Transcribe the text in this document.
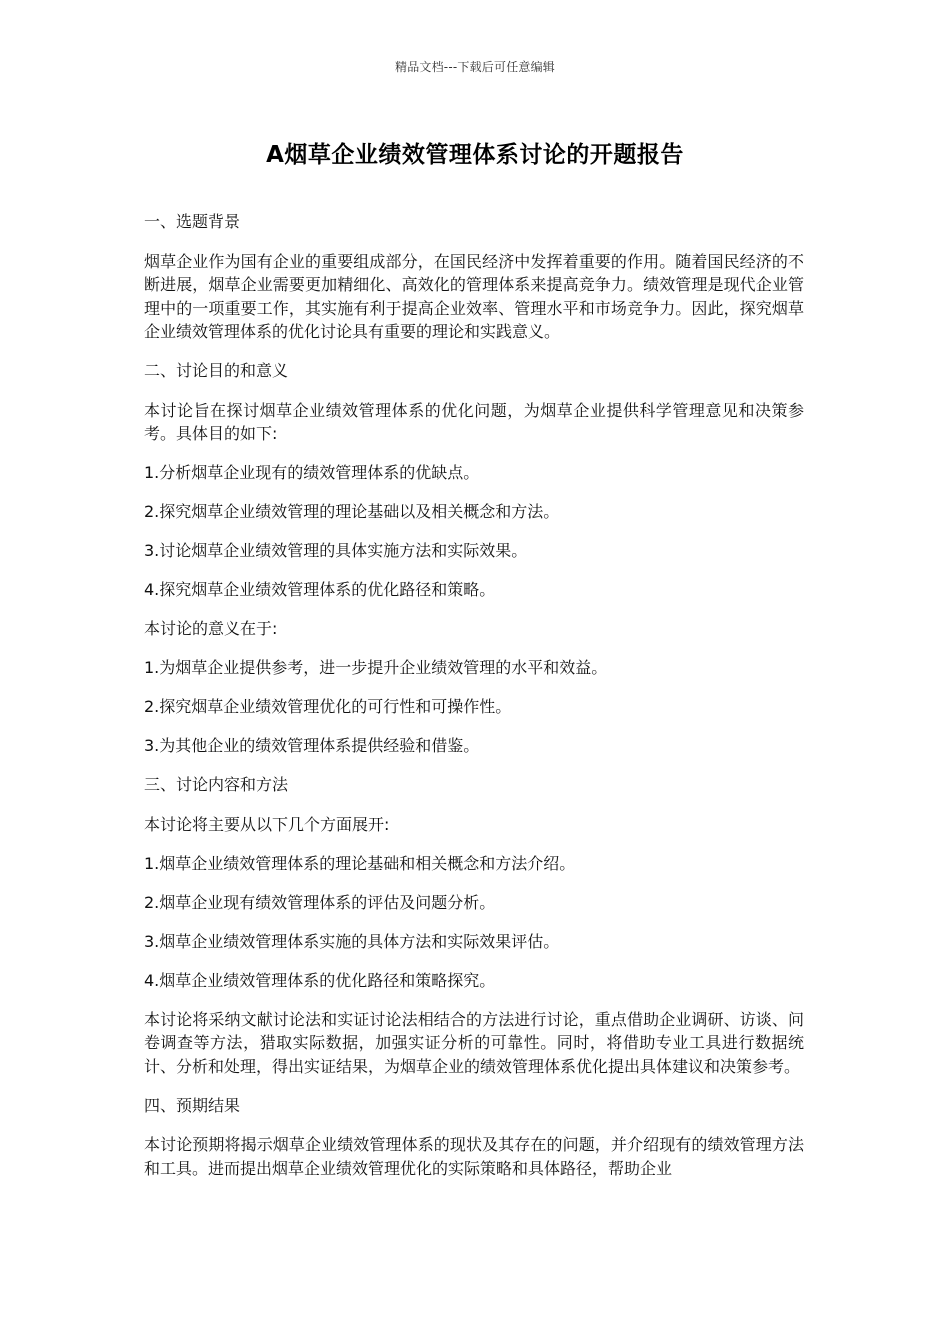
精品文档---下载后可任意编辑
A烟草企业绩效管理体系讨论的开题报告

一、选题背景

烟草企业作为国有企业的重要组成部分，在国民经济中发挥着重要的作用。随着国民经济的不断进展，烟草企业需要更加精细化、高效化的管理体系来提高竞争力。绩效管理是现代企业管理中的一项重要工作，其实施有利于提高企业效率、管理水平和市场竞争力。因此，探究烟草企业绩效管理体系的优化讨论具有重要的理论和实践意义。

二、讨论目的和意义

本讨论旨在探讨烟草企业绩效管理体系的优化问题，为烟草企业提供科学管理意见和决策参考。具体目的如下:

1.分析烟草企业现有的绩效管理体系的优缺点。

2.探究烟草企业绩效管理的理论基础以及相关概念和方法。

3.讨论烟草企业绩效管理的具体实施方法和实际效果。

4.探究烟草企业绩效管理体系的优化路径和策略。

本讨论的意义在于:

1.为烟草企业提供参考，进一步提升企业绩效管理的水平和效益。

2.探究烟草企业绩效管理优化的可行性和可操作性。

3.为其他企业的绩效管理体系提供经验和借鉴。

三、讨论内容和方法

本讨论将主要从以下几个方面展开:

1.烟草企业绩效管理体系的理论基础和相关概念和方法介绍。

2.烟草企业现有绩效管理体系的评估及问题分析。

3.烟草企业绩效管理体系实施的具体方法和实际效果评估。

4.烟草企业绩效管理体系的优化路径和策略探究。

本讨论将采纳文献讨论法和实证讨论法相结合的方法进行讨论，重点借助企业调研、访谈、问卷调查等方法，猎取实际数据，加强实证分析的可靠性。同时，将借助专业工具进行数据统计、分析和处理，得出实证结果，为烟草企业的绩效管理体系优化提出具体建议和决策参考。

四、预期结果

本讨论预期将揭示烟草企业绩效管理体系的现状及其存在的问题，并介绍现有的绩效管理方法和工具。进而提出烟草企业绩效管理优化的实际策略和具体路径，帮助企业
